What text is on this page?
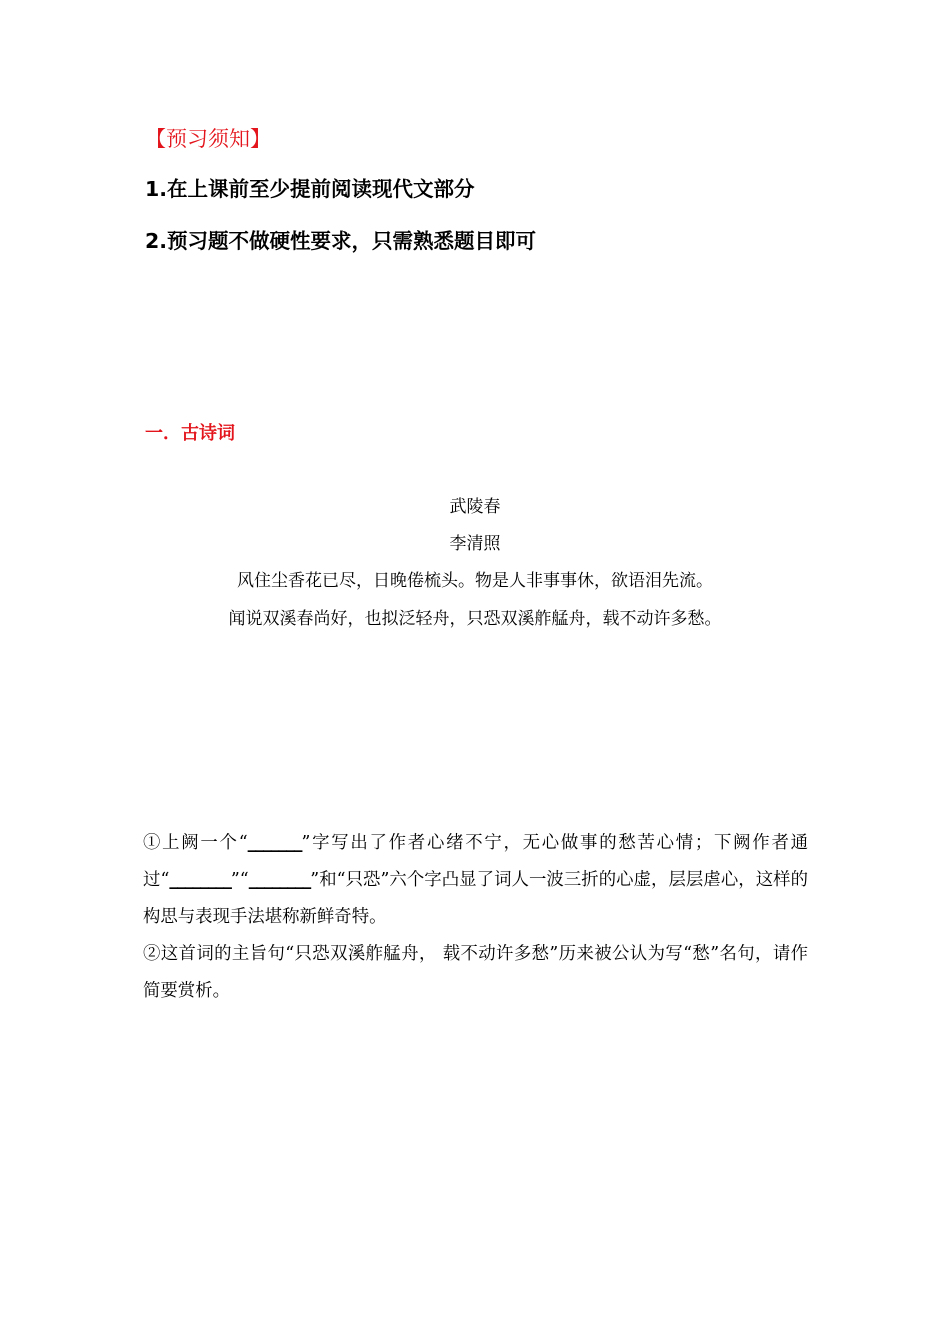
【预习须知】
1.在上课前至少提前阅读现代文部分
2.预习题不做硬性要求，只需熟悉题目即可
一．古诗词
武陵春
李清照
风住尘香花已尽，日晚倦梳头。物是人非事事休，欲语泪先流。
闻说双溪春尚好，也拟泛轻舟，只恐双溪舴艋舟，载不动许多愁。
①上阙一个“_______”字写出了作者心绪不宁，无心做事的愁苦心情；下阙作者通过“________”“________”和“只恐”六个字凸显了词人一波三折的心虚，层层虐心，这样的构思与表现手法堪称新鲜奇特。
②这首词的主旨句“只恐双溪舴艋舟， 载不动许多愁”历来被公认为写“愁”名句，请作简要赏析。
